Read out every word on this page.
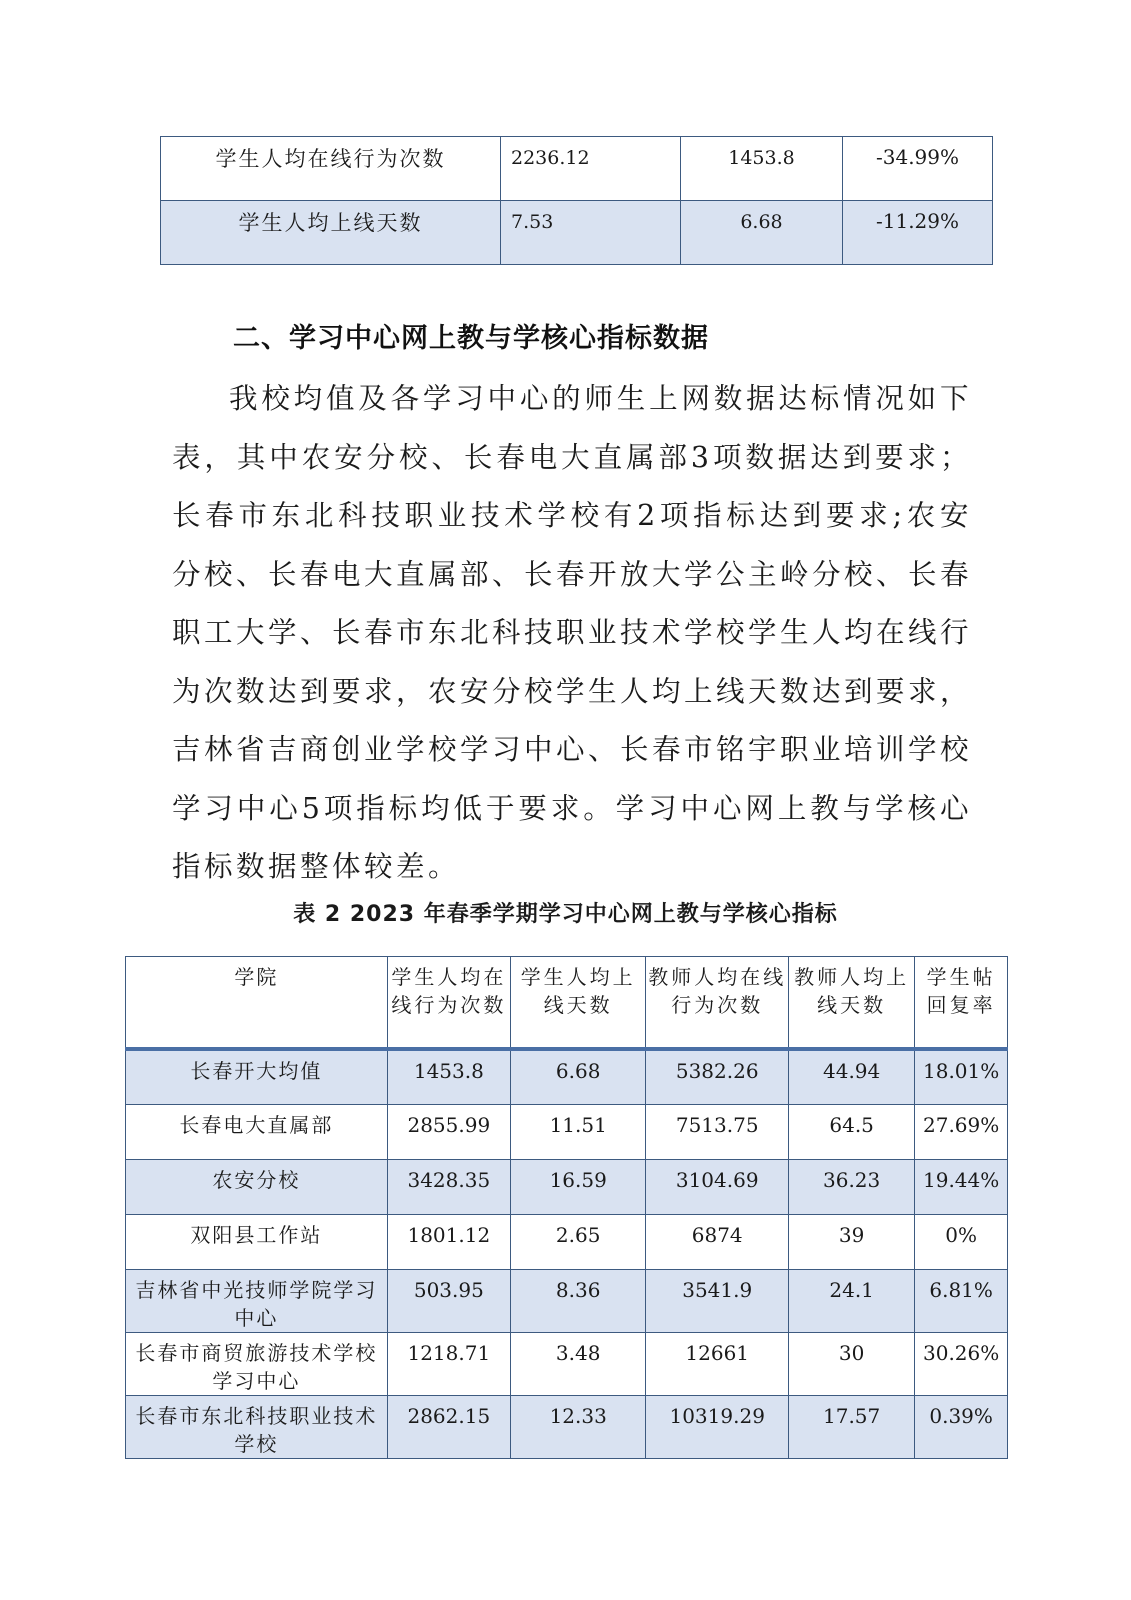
学生人均在线行为次数	2236.12	1453.8	-34.99%
学生人均上线天数	7.53	6.68	-11.29%
二、学习中心网上教与学核心指标数据

我校均值及各学习中心的师生上网数据达标情况如下表，其中农安分校、长春电大直属部3项数据达到要求；长春市东北科技职业技术学校有2项指标达到要求;农安分校、长春电大直属部、长春开放大学公主岭分校、长春职工大学、长春市东北科技职业技术学校学生人均在线行为次数达到要求，农安分校学生人均上线天数达到要求，吉林省吉商创业学校学习中心、长春市铭宇职业培训学校学习中心5项指标均低于要求。学习中心网上教与学核心指标数据整体较差。

表 2 2023 年春季学期学习中心网上教与学核心指标

学院	学生人均在线行为次数	学生人均上线天数	教师人均在线行为次数	教师人均上线天数	学生帖回复率
长春开大均值	1453.8	6.68	5382.26	44.94	18.01%
长春电大直属部	2855.99	11.51	7513.75	64.5	27.69%
农安分校	3428.35	16.59	3104.69	36.23	19.44%
双阳县工作站	1801.12	2.65	6874	39	0%
吉林省中光技师学院学习中心	503.95	8.36	3541.9	24.1	6.81%
长春市商贸旅游技术学校学习中心	1218.71	3.48	12661	30	30.26%
长春市东北科技职业技术学校	2862.15	12.33	10319.29	17.57	0.39%
